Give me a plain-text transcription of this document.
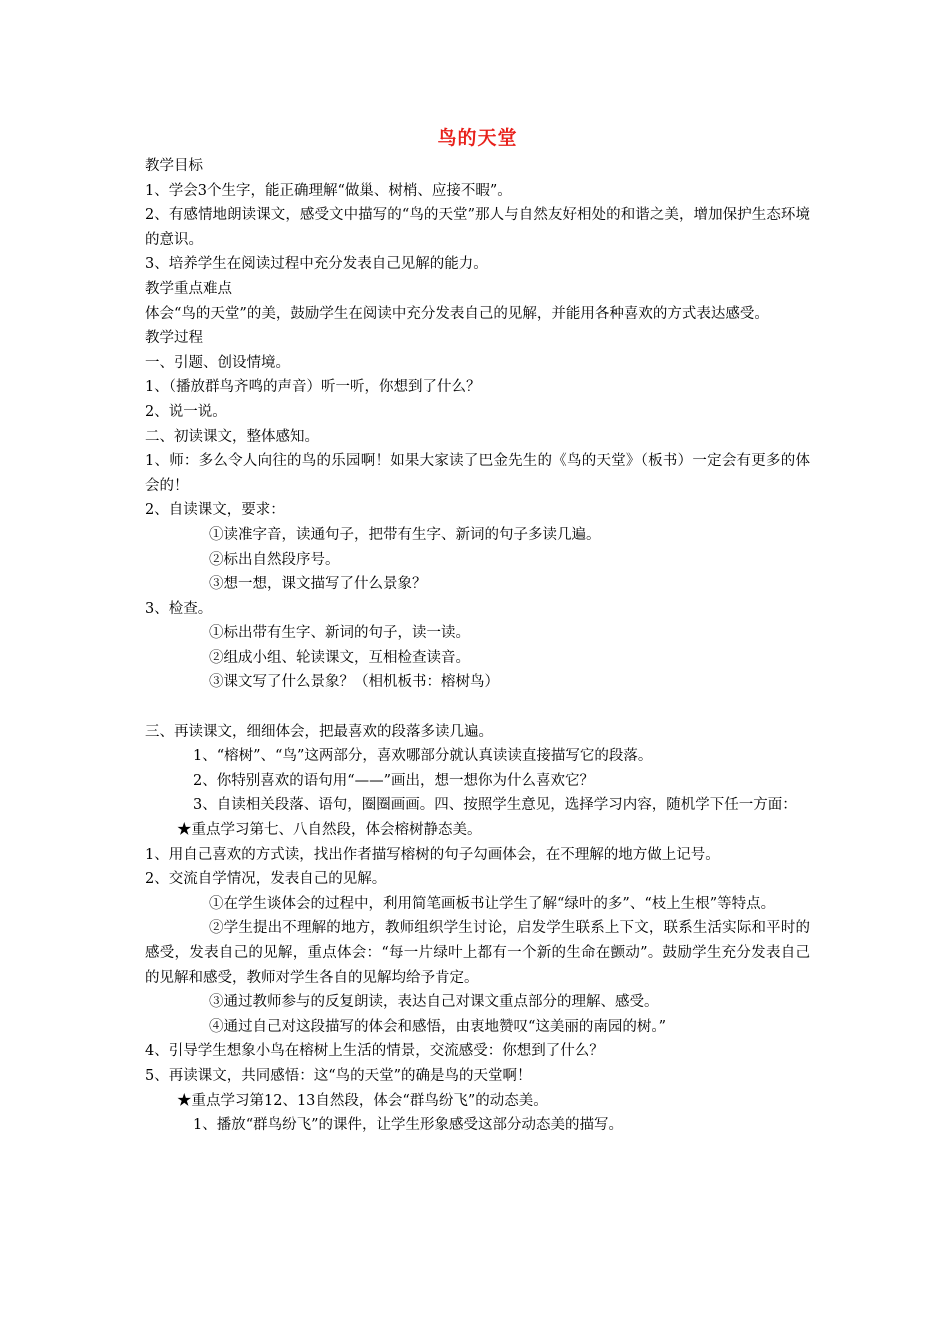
鸟的天堂

教学目标

1、学会3个生字，能正确理解“做巢、树梢、应接不暇”。

2、有感情地朗读课文，感受文中描写的“鸟的天堂”那人与自然友好相处的和谐之美，增加保护生态环境的意识。

3、培养学生在阅读过程中充分发表自己见解的能力。

教学重点难点

体会“鸟的天堂”的美，鼓励学生在阅读中充分发表自己的见解，并能用各种喜欢的方式表达感受。

教学过程

一、引题、创设情境。

1、（播放群鸟齐鸣的声音）听一听，你想到了什么？

2、说一说。

二、初读课文，整体感知。

1、师：多么令人向往的鸟的乐园啊！如果大家读了巴金先生的《鸟的天堂》（板书）一定会有更多的体会的！

2、自读课文，要求：

①读准字音，读通句子，把带有生字、新词的句子多读几遍。

②标出自然段序号。

③想一想，课文描写了什么景象？

3、检查。

①标出带有生字、新词的句子，读一读。

②组成小组、轮读课文，互相检查读音。

③课文写了什么景象？（相机板书：榕树鸟）

三、再读课文，细细体会，把最喜欢的段落多读几遍。

1、“榕树”、“鸟”这两部分，喜欢哪部分就认真读读直接描写它的段落。

2、你特别喜欢的语句用“——”画出，想一想你为什么喜欢它？

3、自读相关段落、语句，圈圈画画。四、按照学生意见，选择学习内容，随机学下任一方面：

★重点学习第七、八自然段，体会榕树静态美。

1、用自己喜欢的方式读，找出作者描写榕树的句子勾画体会，在不理解的地方做上记号。

2、交流自学情况，发表自己的见解。

①在学生谈体会的过程中，利用简笔画板书让学生了解“绿叶的多”、“枝上生根”等特点。

②学生提出不理解的地方，教师组织学生讨论，启发学生联系上下文，联系生活实际和平时的感受，发表自己的见解，重点体会：“每一片绿叶上都有一个新的生命在颤动”。鼓励学生充分发表自己的见解和感受，教师对学生各自的见解均给予肯定。

③通过教师参与的反复朗读，表达自己对课文重点部分的理解、感受。

④通过自己对这段描写的体会和感悟，由衷地赞叹“这美丽的南园的树。”

4、引导学生想象小鸟在榕树上生活的情景，交流感受：你想到了什么？

5、再读课文，共同感悟：这“鸟的天堂”的确是鸟的天堂啊！

★重点学习第12、13自然段，体会“群鸟纷飞”的动态美。

1、播放“群鸟纷飞”的课件，让学生形象感受这部分动态美的描写。
